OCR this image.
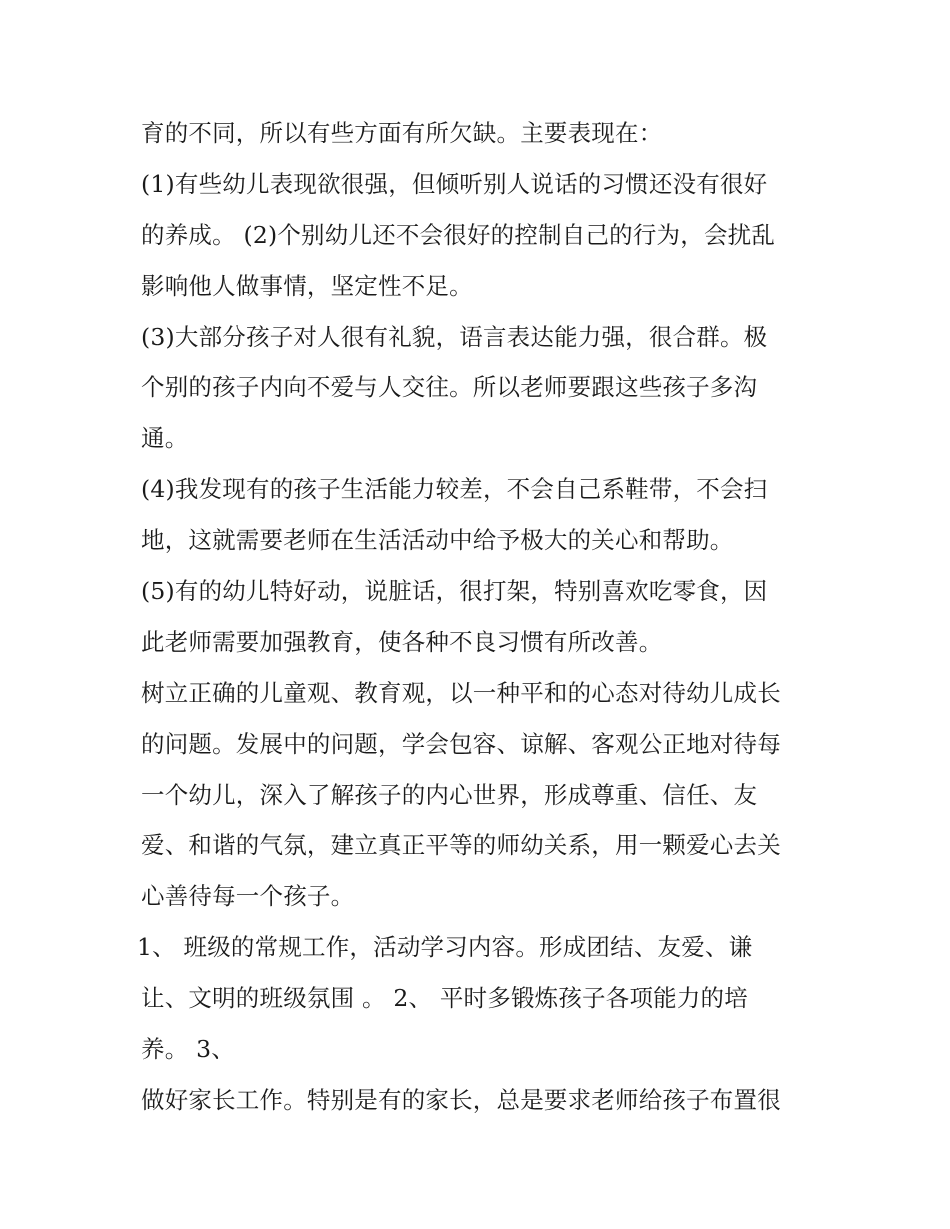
育的不同，所以有些方面有所欠缺。主要表现在：
(1)有些幼儿表现欲很强，但倾听别人说话的习惯还没有很好
的养成。 (2)个别幼儿还不会很好的控制自己的行为，会扰乱
影响他人做事情，坚定性不足。
(3)大部分孩子对人很有礼貌，语言表达能力强，很合群。极
个别的孩子内向不爱与人交往。所以老师要跟这些孩子多沟
通。
(4)我发现有的孩子生活能力较差，不会自己系鞋带，不会扫
地，这就需要老师在生活活动中给予极大的关心和帮助。
(5)有的幼儿特好动，说脏话，很打架，特别喜欢吃零食，因
此老师需要加强教育，使各种不良习惯有所改善。
树立正确的儿童观、教育观，以一种平和的心态对待幼儿成长
的问题。发展中的问题，学会包容、谅解、客观公正地对待每
一个幼儿，深入了解孩子的内心世界，形成尊重、信任、友
爱、和谐的气氛，建立真正平等的师幼关系，用一颗爱心去关
心善待每一个孩子。
1、 班级的常规工作，活动学习内容。形成团结、友爱、谦
让、文明的班级氛围 。 2、 平时多锻炼孩子各项能力的培
养。 3、
做好家长工作。特别是有的家长，总是要求老师给孩子布置很
